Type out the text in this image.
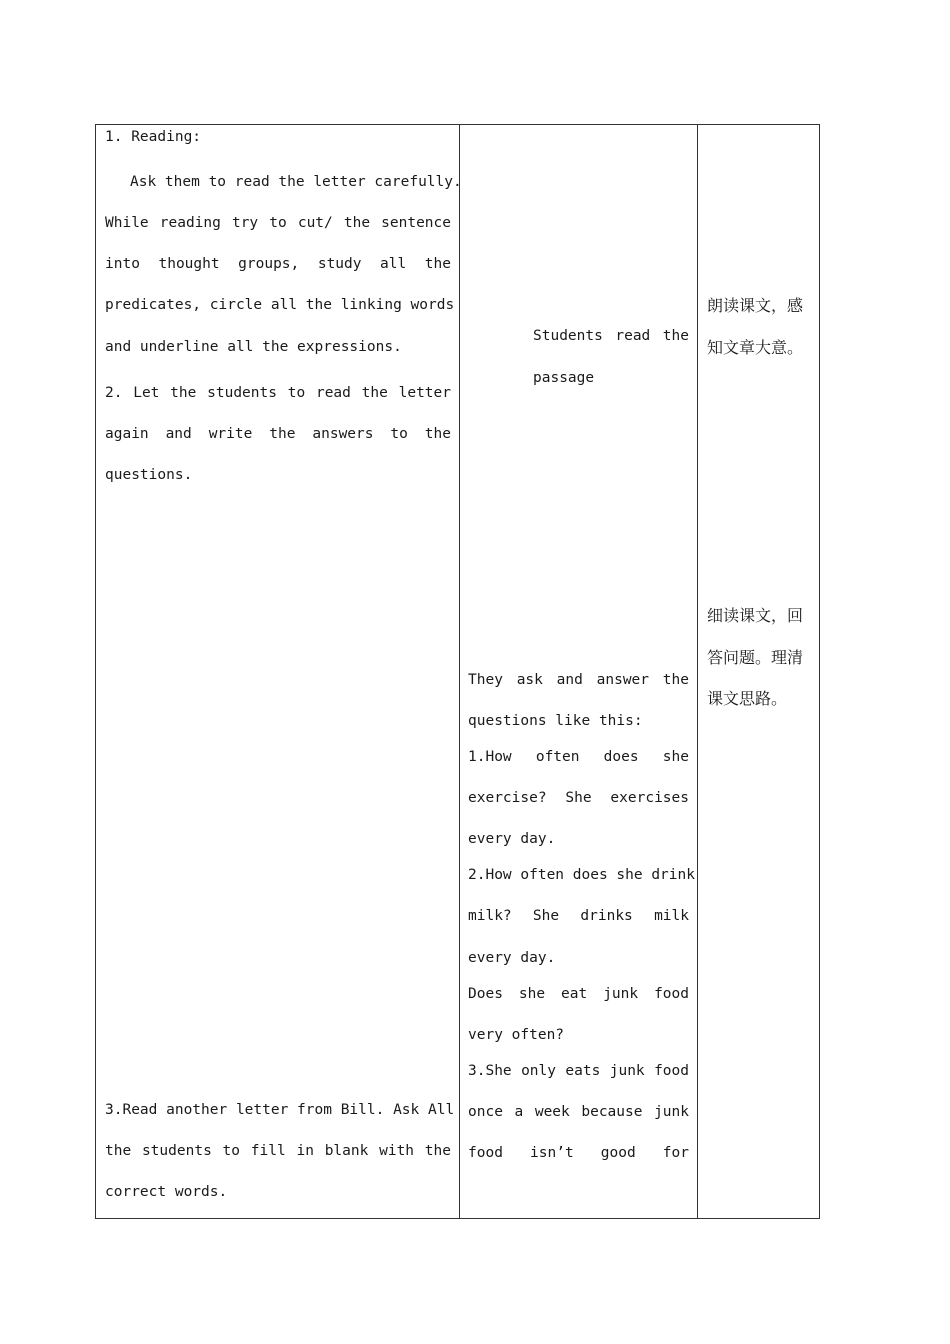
1. Reading:

Ask them to read the letter carefully.

While reading try to cut/ the sentence

into thought groups, study all the

predicates, circle all the linking words

and underline all the expressions.

2. Let the students to read the letter

again and write the answers to the

questions.

3.Read another letter from Bill. Ask All

the students to fill in blank with the

correct words.

Students read the

passage

They ask and answer the

questions like this:

1.How often does she

exercise? She exercises

every day.

2.How often does she drink

milk? She drinks milk

every day.

Does she eat junk food

very often?

3.She only eats junk food

once a week because junk

food isn’t good for

朗读课文，感

知文章大意。

细读课文，回

答问题。理清

课文思路。
